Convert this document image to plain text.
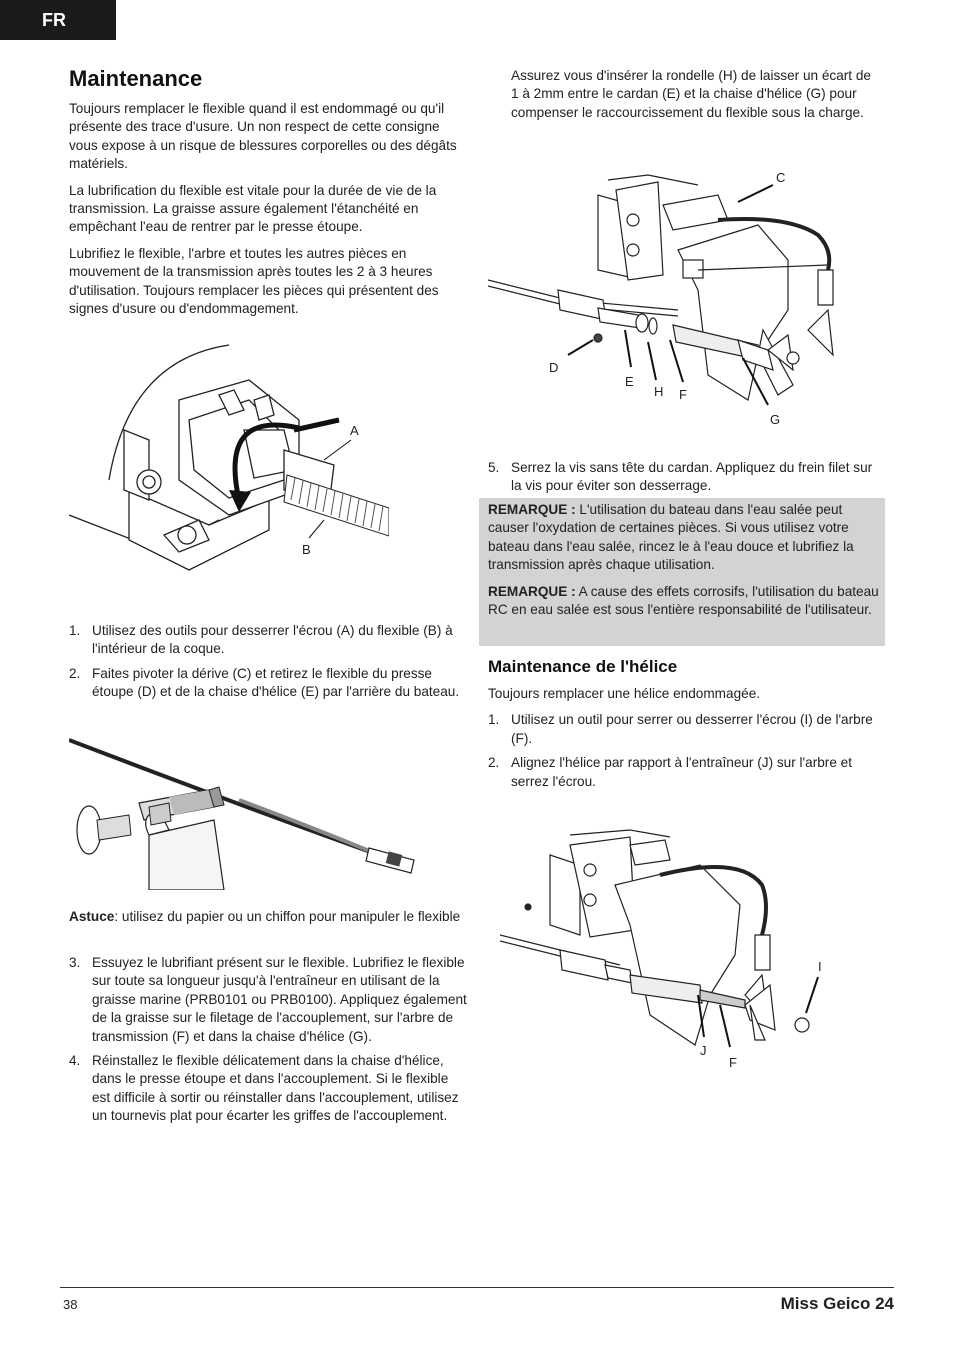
FR
Maintenance

Toujours remplacer le flexible quand il est endommagé ou qu'il présente des trace d'usure. Un non respect de cette consigne vous expose à un risque de blessures corporelles ou des dégâts matériels.

La lubrification du flexible est vitale pour la durée de vie de la transmission. La graisse assure également l'étanchéité en empêchant l'eau de rentrer par le presse étoupe.

Lubrifiez le flexible, l'arbre et toutes les autres pièces en mouvement de la transmission après toutes les 2 à 3 heures d'utilisation. Toujours remplacer les pièces qui présentent des signes d'usure ou d'endommagement.

A
B
1. Utilisez des outils pour desserrer l'écrou (A) du flexible (B) à l'intérieur de la coque.
2. Faites pivoter la dérive (C) et retirez le flexible du presse étoupe (D) et de la chaise d'hélice (E) par l'arrière du bateau.

Astuce: utilisez du papier ou un chiffon pour manipuler le flexible

3. Essuyez le lubrifiant présent sur le flexible. Lubrifiez le flexible sur toute sa longueur jusqu'à l'entraîneur en utilisant de la graisse marine (PRB0101 ou PRB0100). Appliquez également de la graisse sur le filetage de l'accouplement, sur l'arbre de transmission (F) et dans la chaise d'hélice (G).
4. Réinstallez le flexible délicatement dans la chaise d'hélice, dans le presse étoupe et dans l'accouplement. Si le flexible est difficile à sortir ou réinstaller dans l'accouplement, utilisez un tournevis plat pour écarter les griffes de l'accouplement.

Assurez vous d'insérer la rondelle (H) de laisser un écart de 1 à 2mm entre le cardan (E) et la chaise d'hélice (G) pour compenser le raccourcissement du flexible sous la charge.

C
D
E
H F
G
5. Serrez la vis sans tête du cardan. Appliquez du frein filet sur la vis pour éviter son desserrage.

REMARQUE : L'utilisation du bateau dans l'eau salée peut causer l'oxydation de certaines pièces. Si vous utilisez votre bateau dans l'eau salée, rincez le à l'eau douce et lubrifiez la transmission après chaque utilisation.

REMARQUE : A cause des effets corrosifs, l'utilisation du bateau RC en eau salée est sous l'entière responsabilité de l'utilisateur.

Maintenance de l'hélice

Toujours remplacer une hélice endommagée.

1. Utilisez un outil pour serrer ou desserrer l'écrou (I) de l'arbre (F).
2. Alignez l'hélice par rapport à l'entraîneur (J) sur l'arbre et serrez l'écrou.
I
J
F
38	Miss Geico 24
